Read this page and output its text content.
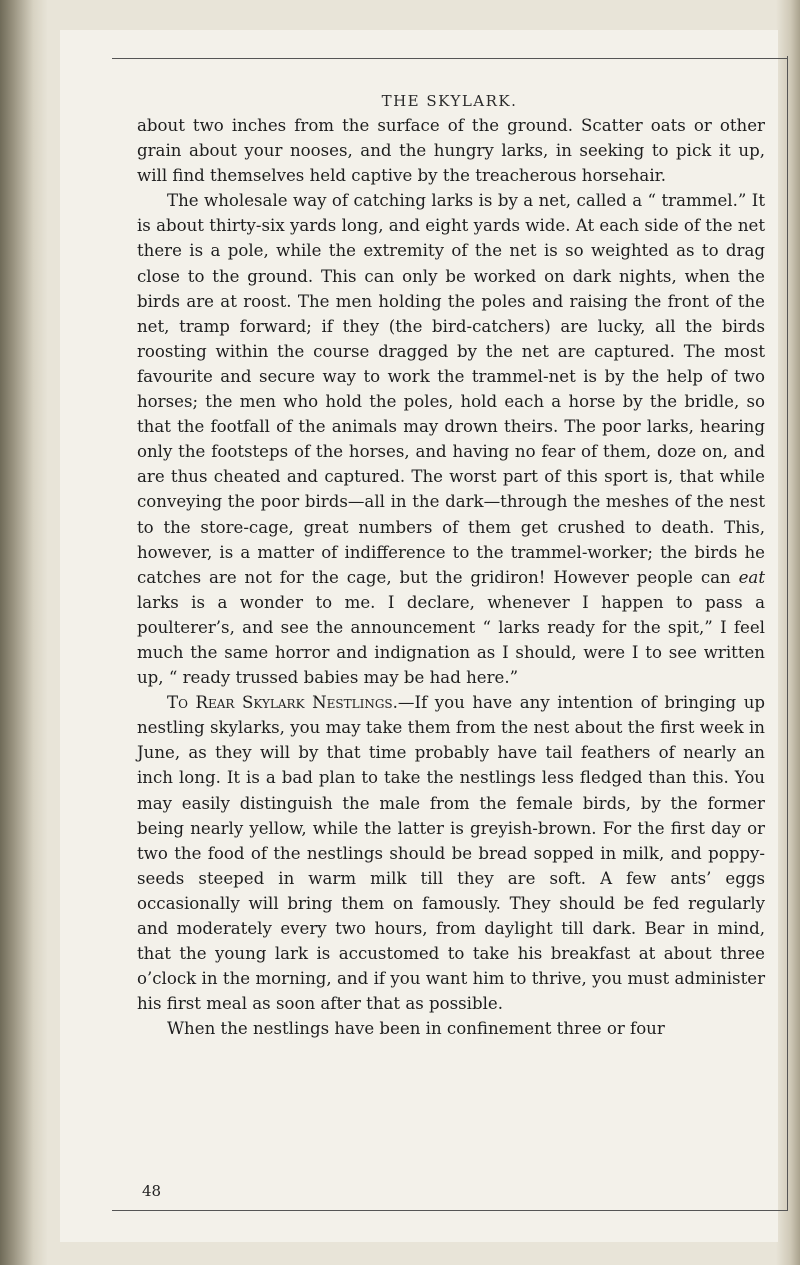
THE SKYLARK.

about two inches from the surface of the ground. Scatter oats or other grain about your nooses, and the hungry larks, in seeking to pick it up, will find themselves held captive by the treacherous horsehair.

The wholesale way of catching larks is by a net, called a “ trammel.” It is about thirty-six yards long, and eight yards wide. At each side of the net there is a pole, while the extremity of the net is so weighted as to drag close to the ground. This can only be worked on dark nights, when the birds are at roost. The men holding the poles and raising the front of the net, tramp forward; if they (the bird-catchers) are lucky, all the birds roosting within the course dragged by the net are captured. The most favourite and secure way to work the trammel-net is by the help of two horses; the men who hold the poles, hold each a horse by the bridle, so that the footfall of the animals may drown theirs. The poor larks, hearing only the footsteps of the horses, and having no fear of them, doze on, and are thus cheated and captured. The worst part of this sport is, that while conveying the poor birds—all in the dark—through the meshes of the nest to the store-cage, great numbers of them get crushed to death. This, however, is a matter of indifference to the trammel-worker; the birds he catches are not for the cage, but the gridiron! However people can eat larks is a wonder to me. I declare, whenever I happen to pass a poulterer’s, and see the announcement “ larks ready for the spit,” I feel much the same horror and indignation as I should, were I to see written up, “ ready trussed babies may be had here.”

To Rear Skylark Nestlings.—If you have any intention of bringing up nestling skylarks, you may take them from the nest about the first week in June, as they will by that time probably have tail feathers of nearly an inch long. It is a bad plan to take the nestlings less fledged than this. You may easily distinguish the male from the female birds, by the former being nearly yellow, while the latter is greyish-brown. For the first day or two the food of the nestlings should be bread sopped in milk, and poppy-seeds steeped in warm milk till they are soft. A few ants’ eggs occasionally will bring them on famously. They should be fed regularly and moderately every two hours, from daylight till dark. Bear in mind, that the young lark is accustomed to take his breakfast at about three o’clock in the morning, and if you want him to thrive, you must administer his first meal as soon after that as possible.

When the nestlings have been in confinement three or four

48
